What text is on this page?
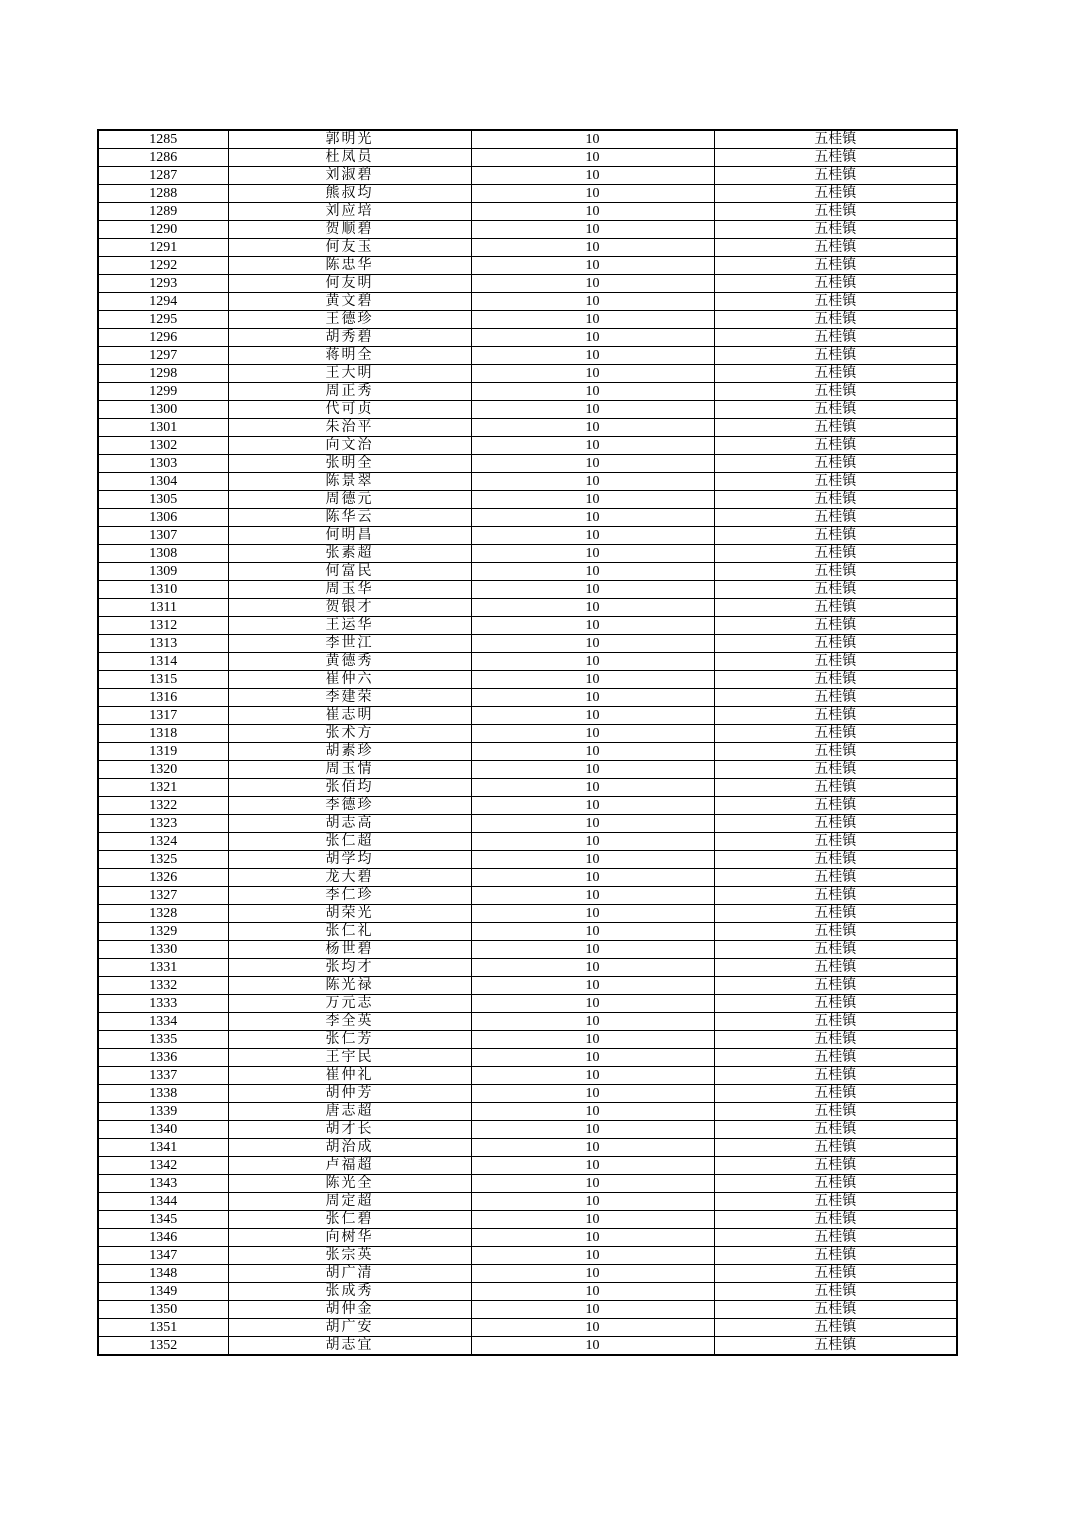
1285	郭明光	10	五桂镇
1286	杜凤员	10	五桂镇
1287	刘淑碧	10	五桂镇
1288	熊叔均	10	五桂镇
1289	刘应培	10	五桂镇
1290	贺顺碧	10	五桂镇
1291	何友玉	10	五桂镇
1292	陈忠华	10	五桂镇
1293	何友明	10	五桂镇
1294	黄文碧	10	五桂镇
1295	王德珍	10	五桂镇
1296	胡秀碧	10	五桂镇
1297	蒋明全	10	五桂镇
1298	王大明	10	五桂镇
1299	周正秀	10	五桂镇
1300	代可贞	10	五桂镇
1301	朱治平	10	五桂镇
1302	向文治	10	五桂镇
1303	张明全	10	五桂镇
1304	陈景翠	10	五桂镇
1305	周德元	10	五桂镇
1306	陈华云	10	五桂镇
1307	何明昌	10	五桂镇
1308	张素超	10	五桂镇
1309	何富民	10	五桂镇
1310	周玉华	10	五桂镇
1311	贺银才	10	五桂镇
1312	王运华	10	五桂镇
1313	李世江	10	五桂镇
1314	黄德秀	10	五桂镇
1315	崔仲六	10	五桂镇
1316	李建荣	10	五桂镇
1317	崔志明	10	五桂镇
1318	张术方	10	五桂镇
1319	胡素珍	10	五桂镇
1320	周玉情	10	五桂镇
1321	张佰均	10	五桂镇
1322	李德珍	10	五桂镇
1323	胡志高	10	五桂镇
1324	张仁超	10	五桂镇
1325	胡学均	10	五桂镇
1326	龙大碧	10	五桂镇
1327	李仁珍	10	五桂镇
1328	胡荣光	10	五桂镇
1329	张仁礼	10	五桂镇
1330	杨世碧	10	五桂镇
1331	张均才	10	五桂镇
1332	陈光禄	10	五桂镇
1333	万元志	10	五桂镇
1334	李全英	10	五桂镇
1335	张仁芳	10	五桂镇
1336	王宇民	10	五桂镇
1337	崔仲礼	10	五桂镇
1338	胡仲芳	10	五桂镇
1339	唐志超	10	五桂镇
1340	胡才长	10	五桂镇
1341	胡治成	10	五桂镇
1342	卢福超	10	五桂镇
1343	陈光全	10	五桂镇
1344	周定超	10	五桂镇
1345	张仁碧	10	五桂镇
1346	向树华	10	五桂镇
1347	张宗英	10	五桂镇
1348	胡广清	10	五桂镇
1349	张成秀	10	五桂镇
1350	胡仲金	10	五桂镇
1351	胡广安	10	五桂镇
1352	胡志宜	10	五桂镇
